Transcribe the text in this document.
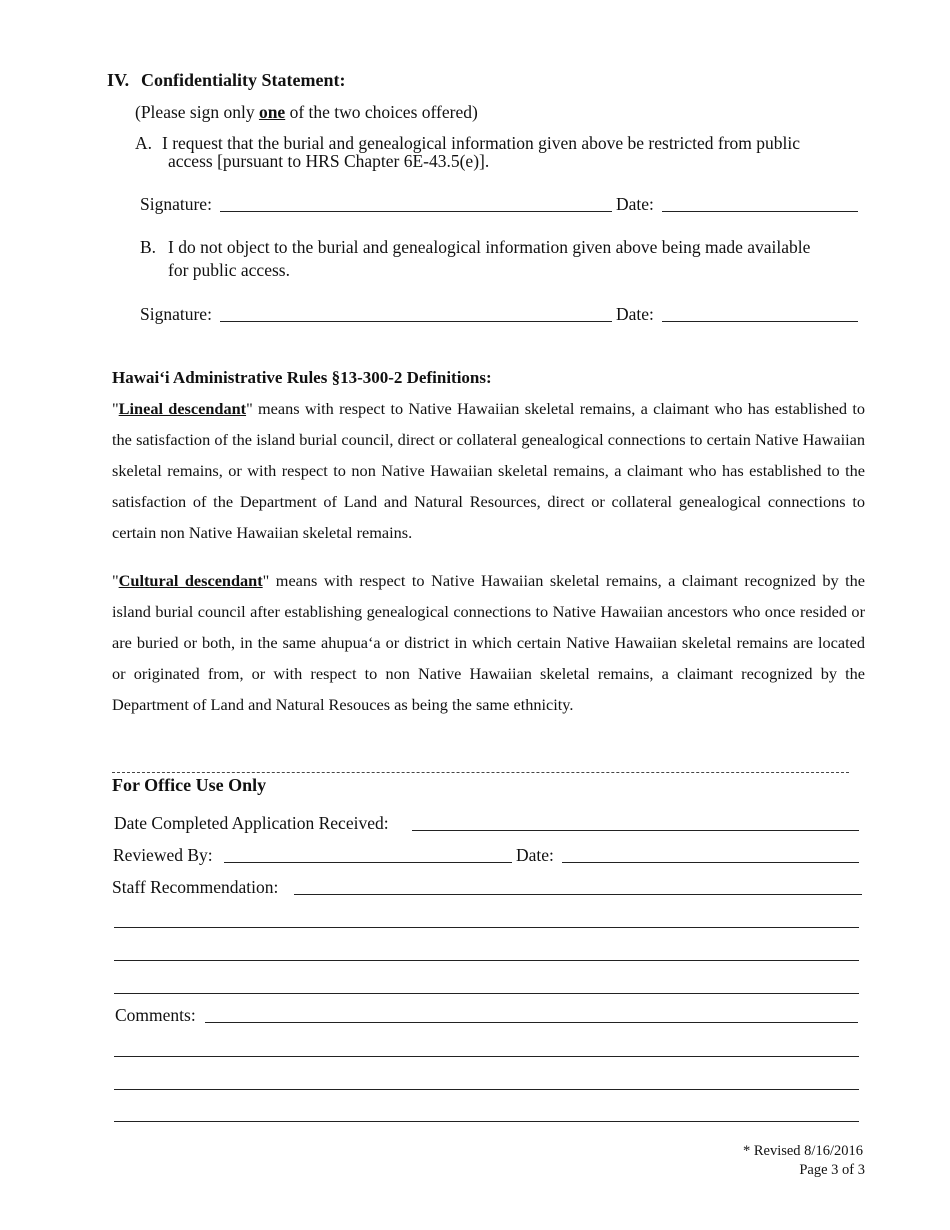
IV. Confidentiality Statement:
(Please sign only one of the two choices offered)
A. I request that the burial and genealogical information given above be restricted from public
access [pursuant to HRS Chapter 6E-43.5(e)].
Signature:	Date:
B. I do not object to the burial and genealogical information given above being made available
for public access.
Signature:	Date:
Hawai‘i Administrative Rules §13-300-2 Definitions:
"Lineal descendant" means with respect to Native Hawaiian skeletal remains, a claimant who has established to the satisfaction of the island burial council, direct or collateral genealogical connections to certain Native Hawaiian skeletal remains, or with respect to non Native Hawaiian skeletal remains, a claimant who has established to the satisfaction of the Department of Land and Natural Resources, direct or collateral genealogical connections to certain non Native Hawaiian skeletal remains.
"Cultural descendant" means with respect to Native Hawaiian skeletal remains, a claimant recognized by the island burial council after establishing genealogical connections to Native Hawaiian ancestors who once resided or are buried or both, in the same ahupua‘a or district in which certain Native Hawaiian skeletal remains are located or originated from, or with respect to non Native Hawaiian skeletal remains, a claimant recognized by the Department of Land and Natural Resouces as being the same ethnicity.
For Office Use Only
Date Completed Application Received:
Reviewed By:	Date:
Staff Recommendation:
Comments:
* Revised 8/16/2016
Page 3 of 3
